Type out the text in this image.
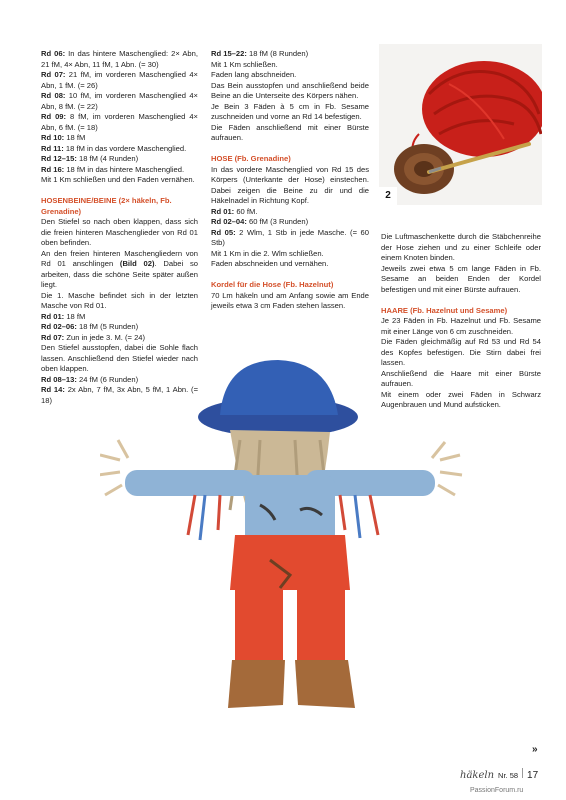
Rd 06: In das hintere Maschenglied: 2× Abn, 21 fM, 4× Abn, 11 fM, 1 Abn. (= 30)

Rd 07: 21 fM, im vorderen Maschenglied 4× Abn, 1 fM. (= 26)

Rd 08: 10 fM, im vorderen Maschenglied 4× Abn, 8 fM. (= 22)

Rd 09: 8 fM, im vorderen Maschenglied 4× Abn, 6 fM. (= 18)

Rd 10: 18 fM

Rd 11: 18 fM in das vordere Maschenglied.

Rd 12–15: 18 fM (4 Runden)

Rd 16: 18 fM in das hintere Maschenglied.

Mit 1 Km schließen und den Faden vernähen.

HOSENBEINE/BEINE (2× häkeln, Fb. Grenadine)

Den Stiefel so nach oben klappen, dass sich die freien hinteren Maschenglieder von Rd 01 oben befinden.

An den freien hinteren Maschengliedern von Rd 01 anschlingen (Bild 02). Dabei so arbeiten, dass die schöne Seite später außen liegt.

Die 1. Masche befindet sich in der letzten Masche von Rd 01.

Rd 01: 18 fM

Rd 02–06: 18 fM (5 Runden)

Rd 07: Zun in jede 3. M. (= 24)

Den Stiefel ausstopfen, dabei die Sohle flach lassen. Anschließend den Stiefel wieder nach oben klappen.

Rd 08–13: 24 fM (6 Runden)

Rd 14: 2x Abn, 7 fM, 3x Abn, 5 fM, 1 Abn. (= 18)

Rd 15–22: 18 fM (8 Runden)

Mit 1 Km schließen.

Faden lang abschneiden.

Das Bein ausstopfen und anschließend beide Beine an die Unterseite des Körpers nähen.

Je Bein 3 Fäden à 5 cm in Fb. Sesame zuschneiden und vorne an Rd 14 befestigen.

Die Fäden anschließend mit einer Bürste aufrauen.

HOSE (Fb. Grenadine)

In das vordere Maschenglied von Rd 15 des Körpers (Unterkante der Hose) einstechen. Dabei zeigen die Beine zu dir und die Häkelnadel in Richtung Kopf.

Rd 01: 60 fM.

Rd 02–04: 60 fM (3 Runden)

Rd 05: 2 Wlm, 1 Stb in jede Masche. (= 60 Stb)

Mit 1 Km in die 2. Wlm schließen.

Faden abschneiden und vernähen.

Kordel für die Hose (Fb. Hazelnut)

70 Lm häkeln und am Anfang sowie am Ende jeweils etwa 3 cm Faden stehen lassen.

Die Luftmaschenkette durch die Stäbchenreihe der Hose ziehen und zu einer Schleife oder einem Knoten binden.

Jeweils zwei etwa 5 cm lange Fäden in Fb. Sesame an beiden Enden der Kordel befestigen und mit einer Bürste aufrauen.

HAARE (Fb. Hazelnut und Sesame)

Je 23 Fäden in Fb. Hazelnut und Fb. Sesame mit einer Länge von 6 cm zuschneiden.

Die Fäden gleichmäßig auf Rd 53 und Rd 54 des Kopfes befestigen. Die Stirn dabei frei lassen.

Anschließend die Haare mit einer Bürste aufrauen.

Mit einem oder zwei Fäden in Schwarz Augenbrauen und Mund aufsticken.

2
»
häkeln Nr. 58 17
PassionForum.ru
